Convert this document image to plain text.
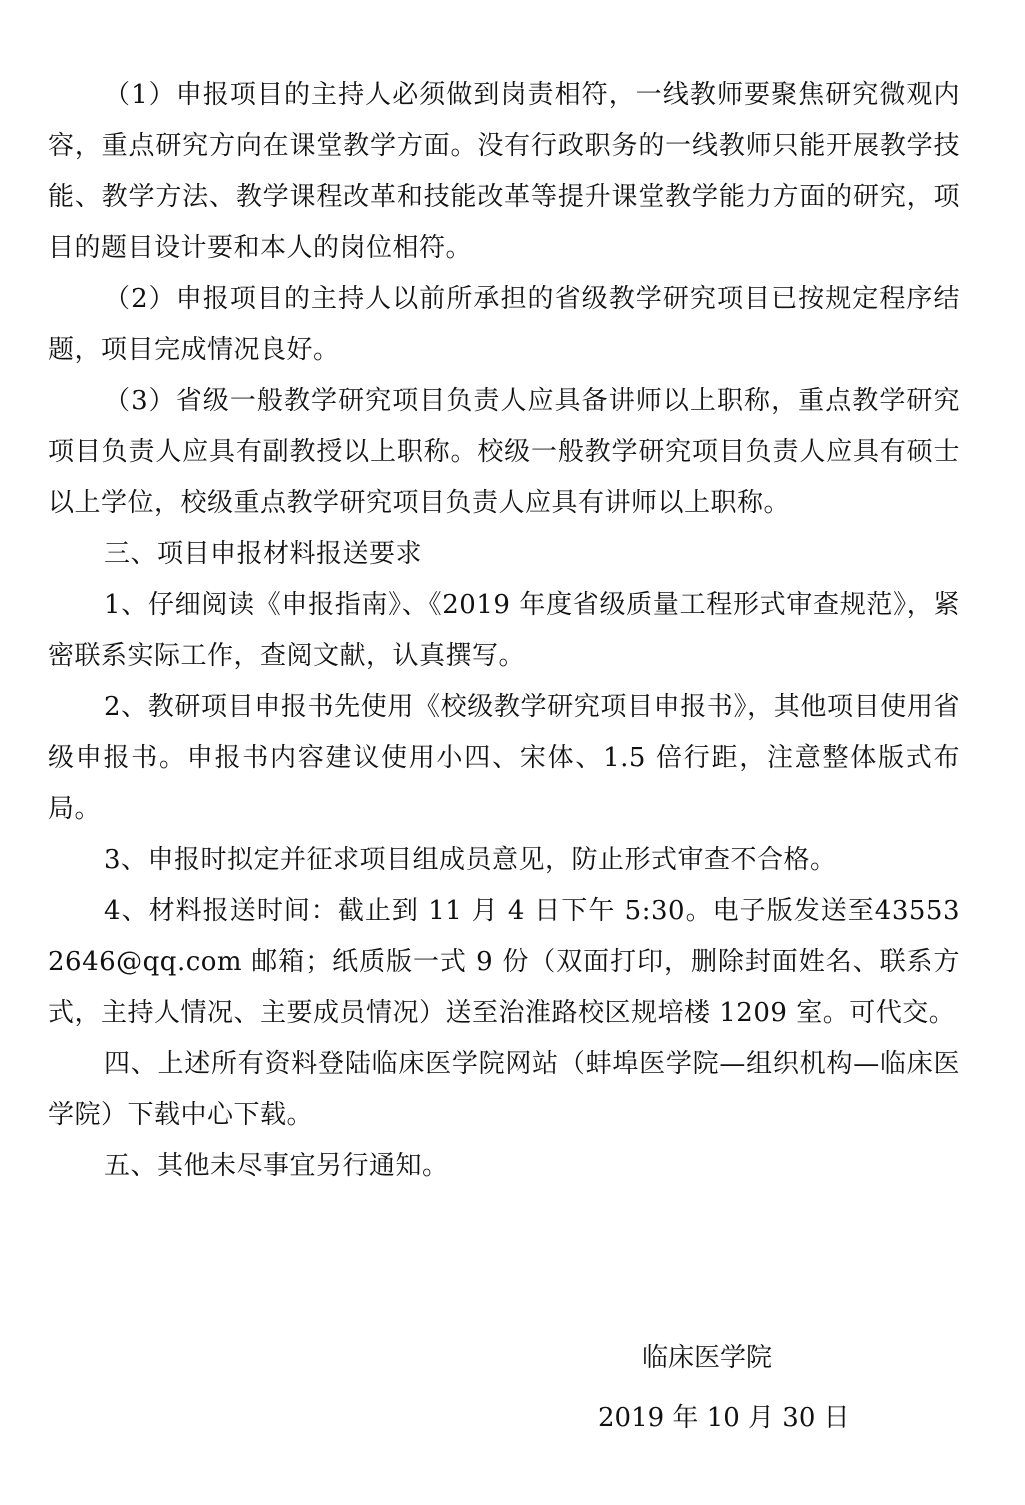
（1）申报项目的主持人必须做到岗责相符，一线教师要聚焦研究微观内容，重点研究方向在课堂教学方面。没有行政职务的一线教师只能开展教学技能、教学方法、教学课程改革和技能改革等提升课堂教学能力方面的研究，项目的题目设计要和本人的岗位相符。

（2）申报项目的主持人以前所承担的省级教学研究项目已按规定程序结题，项目完成情况良好。

（3）省级一般教学研究项目负责人应具备讲师以上职称，重点教学研究项目负责人应具有副教授以上职称。校级一般教学研究项目负责人应具有硕士以上学位，校级重点教学研究项目负责人应具有讲师以上职称。

三、项目申报材料报送要求

1、仔细阅读《申报指南》、《2019 年度省级质量工程形式审查规范》，紧密联系实际工作，查阅文献，认真撰写。

2、教研项目申报书先使用《校级教学研究项目申报书》，其他项目使用省级申报书。申报书内容建议使用小四、宋体、1.5 倍行距，注意整体版式布局。

3、申报时拟定并征求项目组成员意见，防止形式审查不合格。

4、材料报送时间：截止到 11 月 4 日下午 5:30。电子版发送至435532646@qq.com 邮箱；纸质版一式 9 份（双面打印，删除封面姓名、联系方式，主持人情况、主要成员情况）送至治淮路校区规培楼 1209 室。可代交。

四、上述所有资料登陆临床医学院网站（蚌埠医学院—组织机构—临床医学院）下载中心下载。

五、其他未尽事宜另行通知。

临床医学院
2019 年 10 月 30 日
